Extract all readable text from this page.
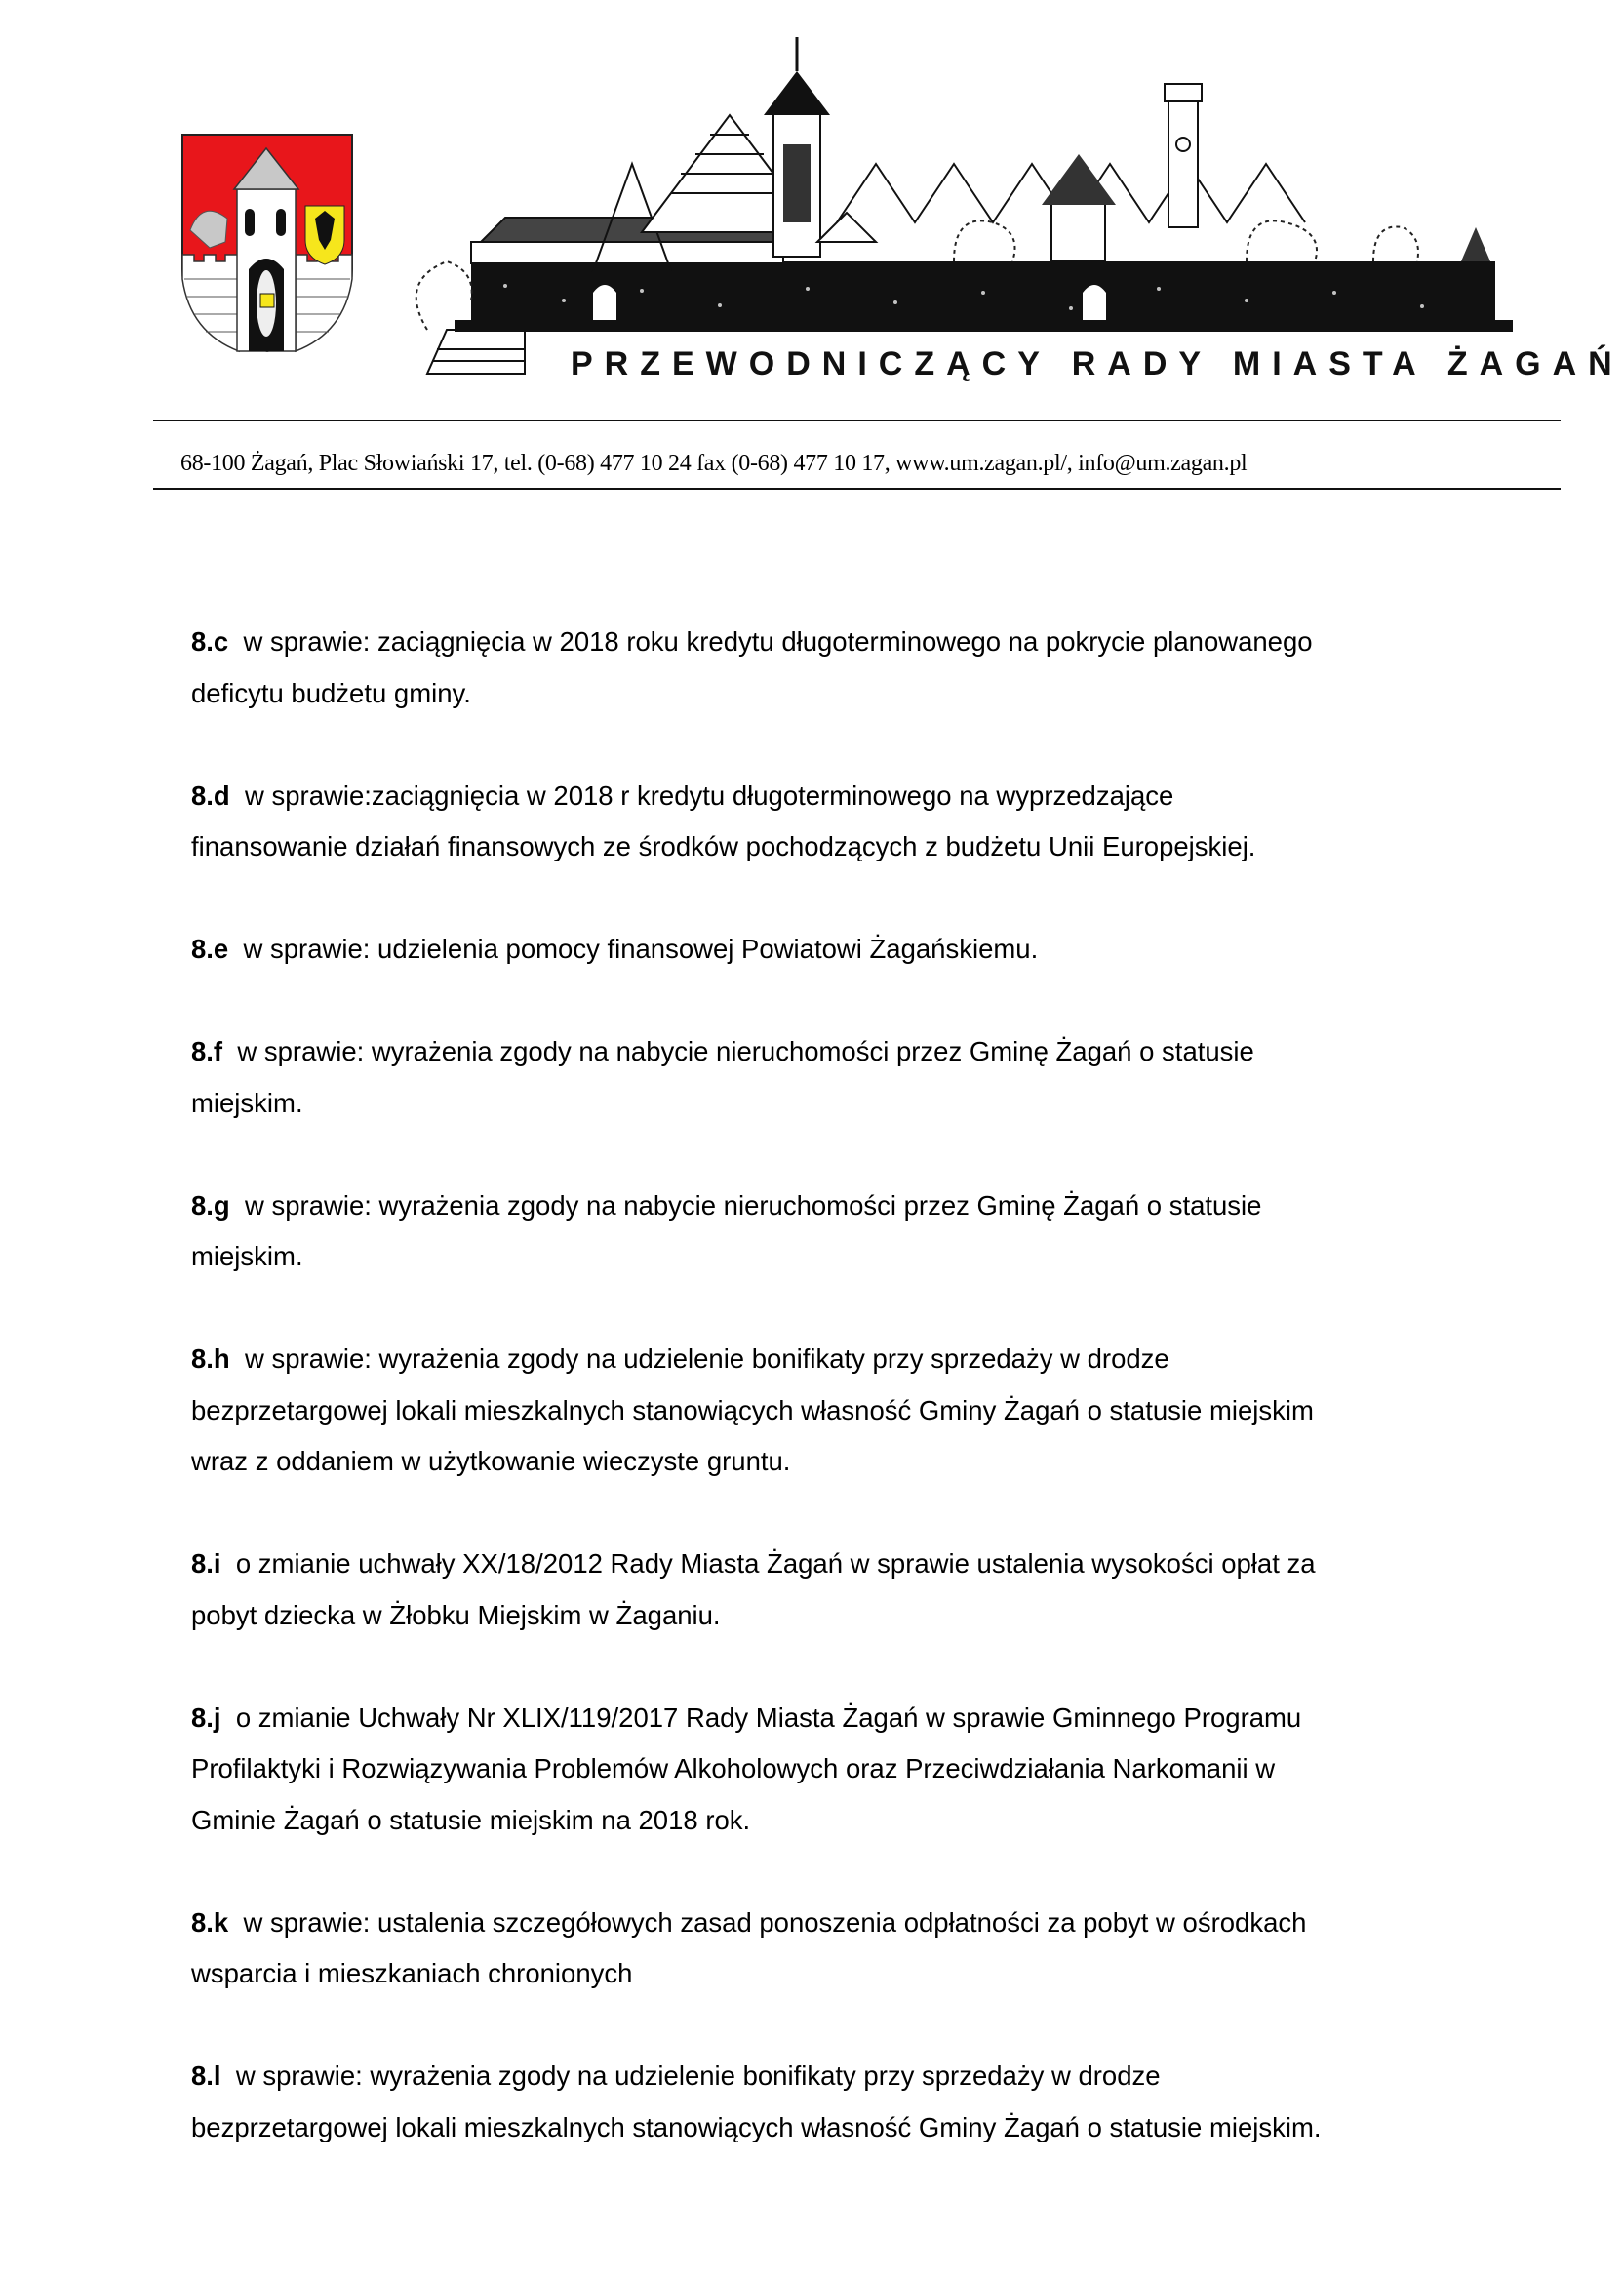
PRZEWODNICZĄCY RADY MIASTA ŻAGAŃ
68-100 Żagań, Plac Słowiański 17, tel. (0-68) 477 10 24 fax (0-68) 477 10 17, www.um.zagan.pl/, info@um.zagan.pl
8.c w sprawie: zaciągnięcia w 2018 roku kredytu długoterminowego na pokrycie planowanego
deficytu budżetu gminy.
8.d w sprawie:zaciągnięcia w 2018 r kredytu długoterminowego na wyprzedzające
finansowanie działań finansowych ze środków pochodzących z budżetu Unii Europejskiej.
8.e w sprawie: udzielenia pomocy finansowej Powiatowi Żagańskiemu.
8.f w sprawie: wyrażenia zgody na nabycie nieruchomości przez Gminę Żagań o statusie
miejskim.
8.g w sprawie: wyrażenia zgody na nabycie nieruchomości przez Gminę Żagań o statusie
miejskim.
8.h w sprawie: wyrażenia zgody na udzielenie bonifikaty przy sprzedaży w drodze
bezprzetargowej lokali mieszkalnych stanowiących własność Gminy Żagań o statusie miejskim
wraz z oddaniem w użytkowanie wieczyste gruntu.
8.i o zmianie uchwały XX/18/2012 Rady Miasta Żagań w sprawie ustalenia wysokości opłat za
pobyt dziecka w Żłobku Miejskim w Żaganiu.
8.j o zmianie Uchwały Nr XLIX/119/2017 Rady Miasta Żagań w sprawie Gminnego Programu
Profilaktyki i Rozwiązywania Problemów Alkoholowych oraz Przeciwdziałania Narkomanii w
Gminie Żagań o statusie miejskim na 2018 rok.
8.k w sprawie: ustalenia szczegółowych zasad ponoszenia odpłatności za pobyt w ośrodkach
wsparcia i mieszkaniach chronionych
8.l w sprawie: wyrażenia zgody na udzielenie bonifikaty przy sprzedaży w drodze
bezprzetargowej lokali mieszkalnych stanowiących własność Gminy Żagań o statusie miejskim.
